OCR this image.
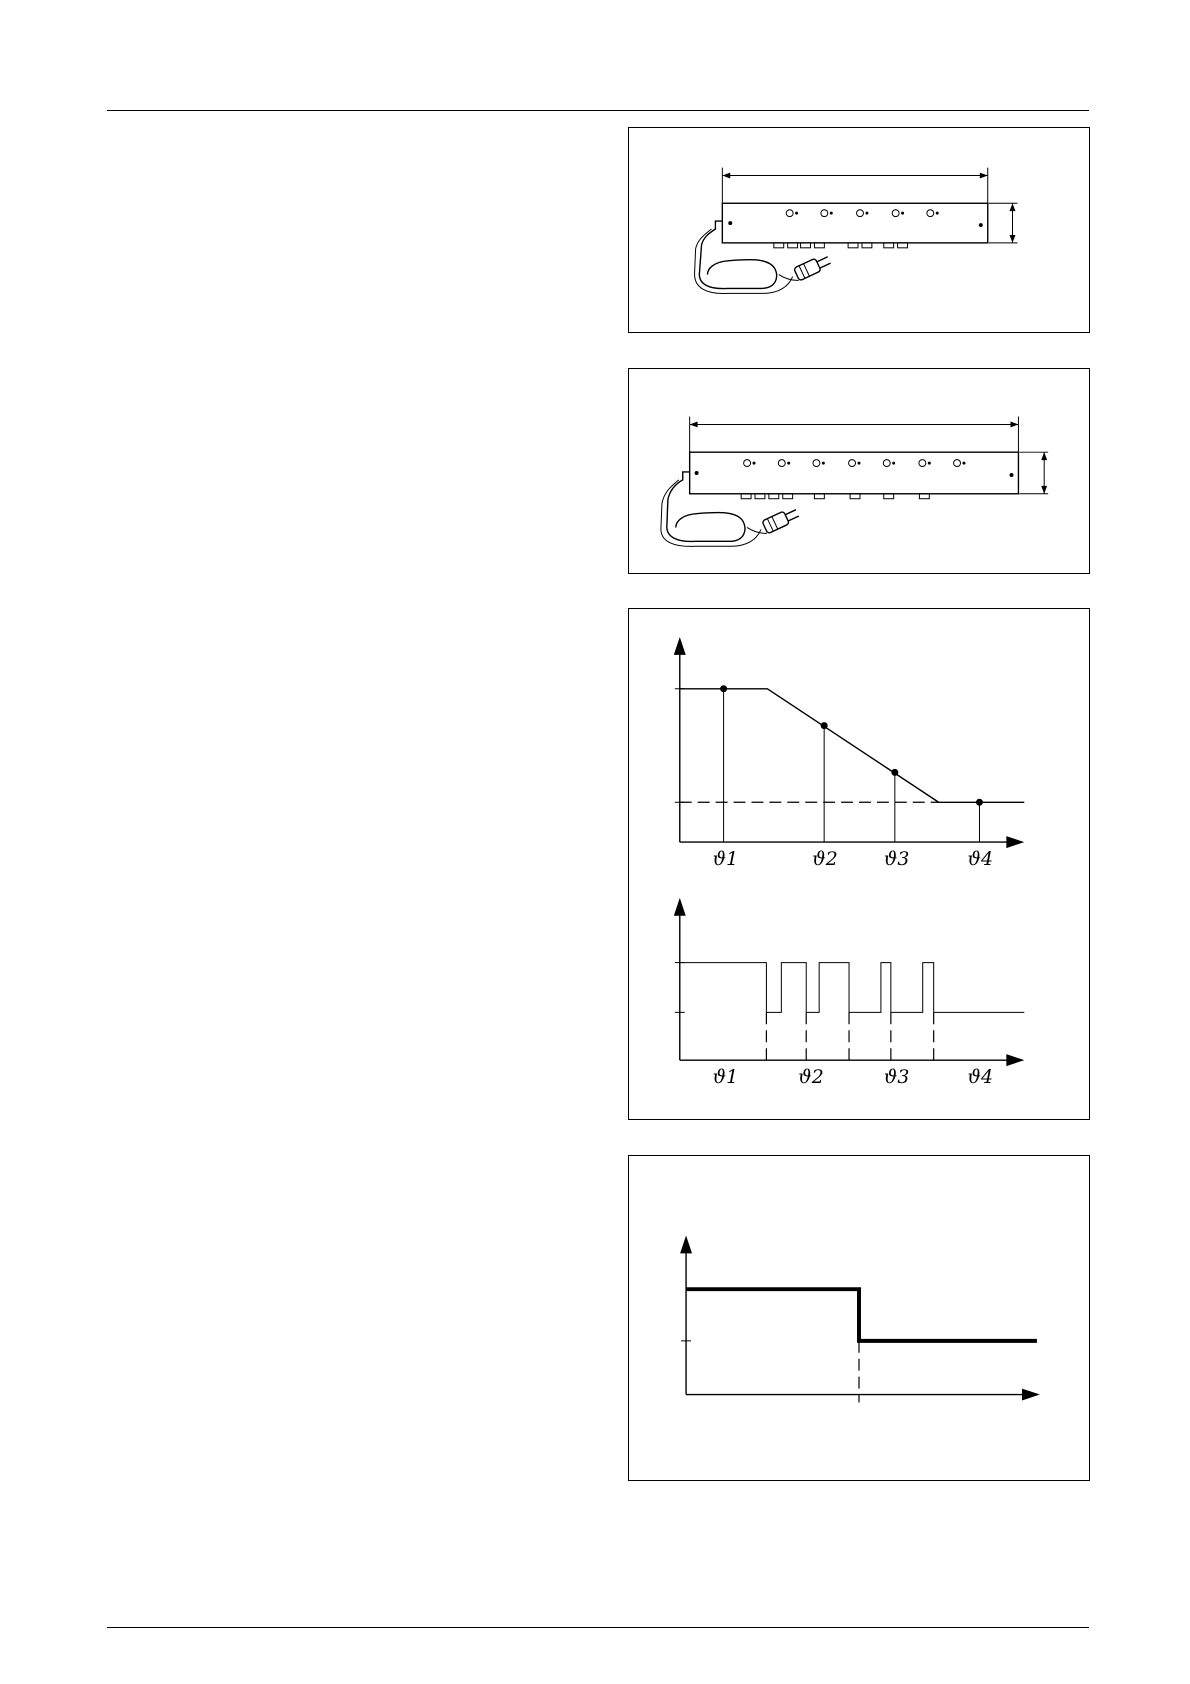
ϑ1	ϑ2 ϑ3	ϑ4
ϑ1	ϑ2	ϑ3	ϑ4
